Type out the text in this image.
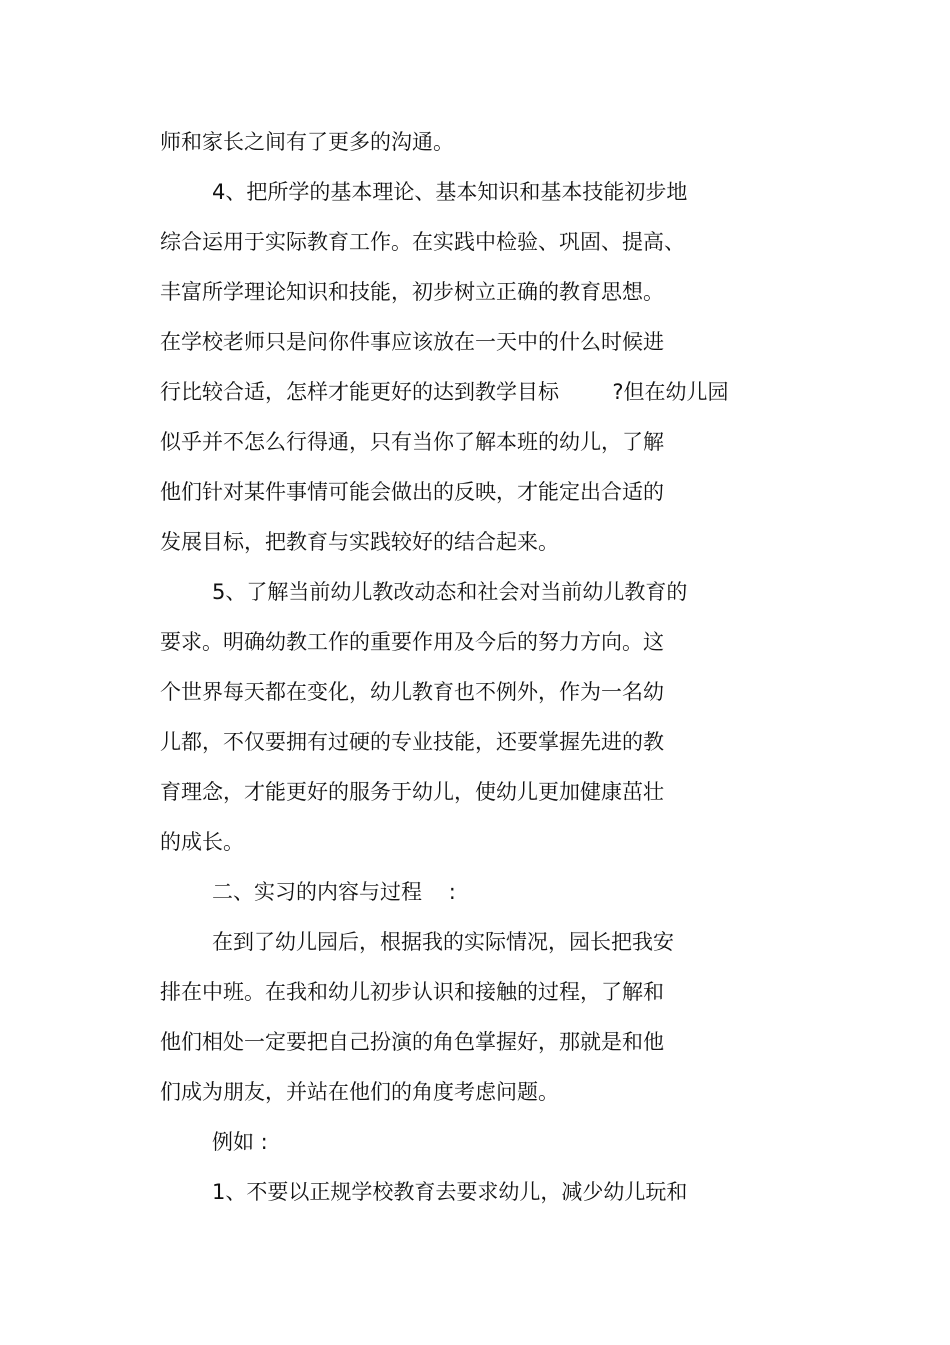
师和家长之间有了更多的沟通。

4、把所学的基本理论、基本知识和基本技能初步地

综合运用于实际教育工作。在实践中检验、巩固、提高、

丰富所学理论知识和技能，初步树立正确的教育思想。

在学校老师只是问你件事应该放在一天中的什么时候进

行比较合适，怎样才能更好的达到教学目标        ?但在幼儿园

似乎并不怎么行得通，只有当你了解本班的幼儿，了解

他们针对某件事情可能会做出的反映，才能定出合适的

发展目标，把教育与实践较好的结合起来。

5、了解当前幼儿教改动态和社会对当前幼儿教育的

要求。明确幼教工作的重要作用及今后的努力方向。这

个世界每天都在变化，幼儿教育也不例外，作为一名幼

儿都，不仅要拥有过硬的专业技能，还要掌握先进的教

育理念，才能更好的服务于幼儿，使幼儿更加健康茁壮

的成长。

二、实习的内容与过程    :

在到了幼儿园后，根据我的实际情况，园长把我安

排在中班。在我和幼儿初步认识和接触的过程，了解和

他们相处一定要把自己扮演的角色掌握好，那就是和他

们成为朋友，并站在他们的角度考虑问题。

例如 :

1、不要以正规学校教育去要求幼儿，减少幼儿玩和
